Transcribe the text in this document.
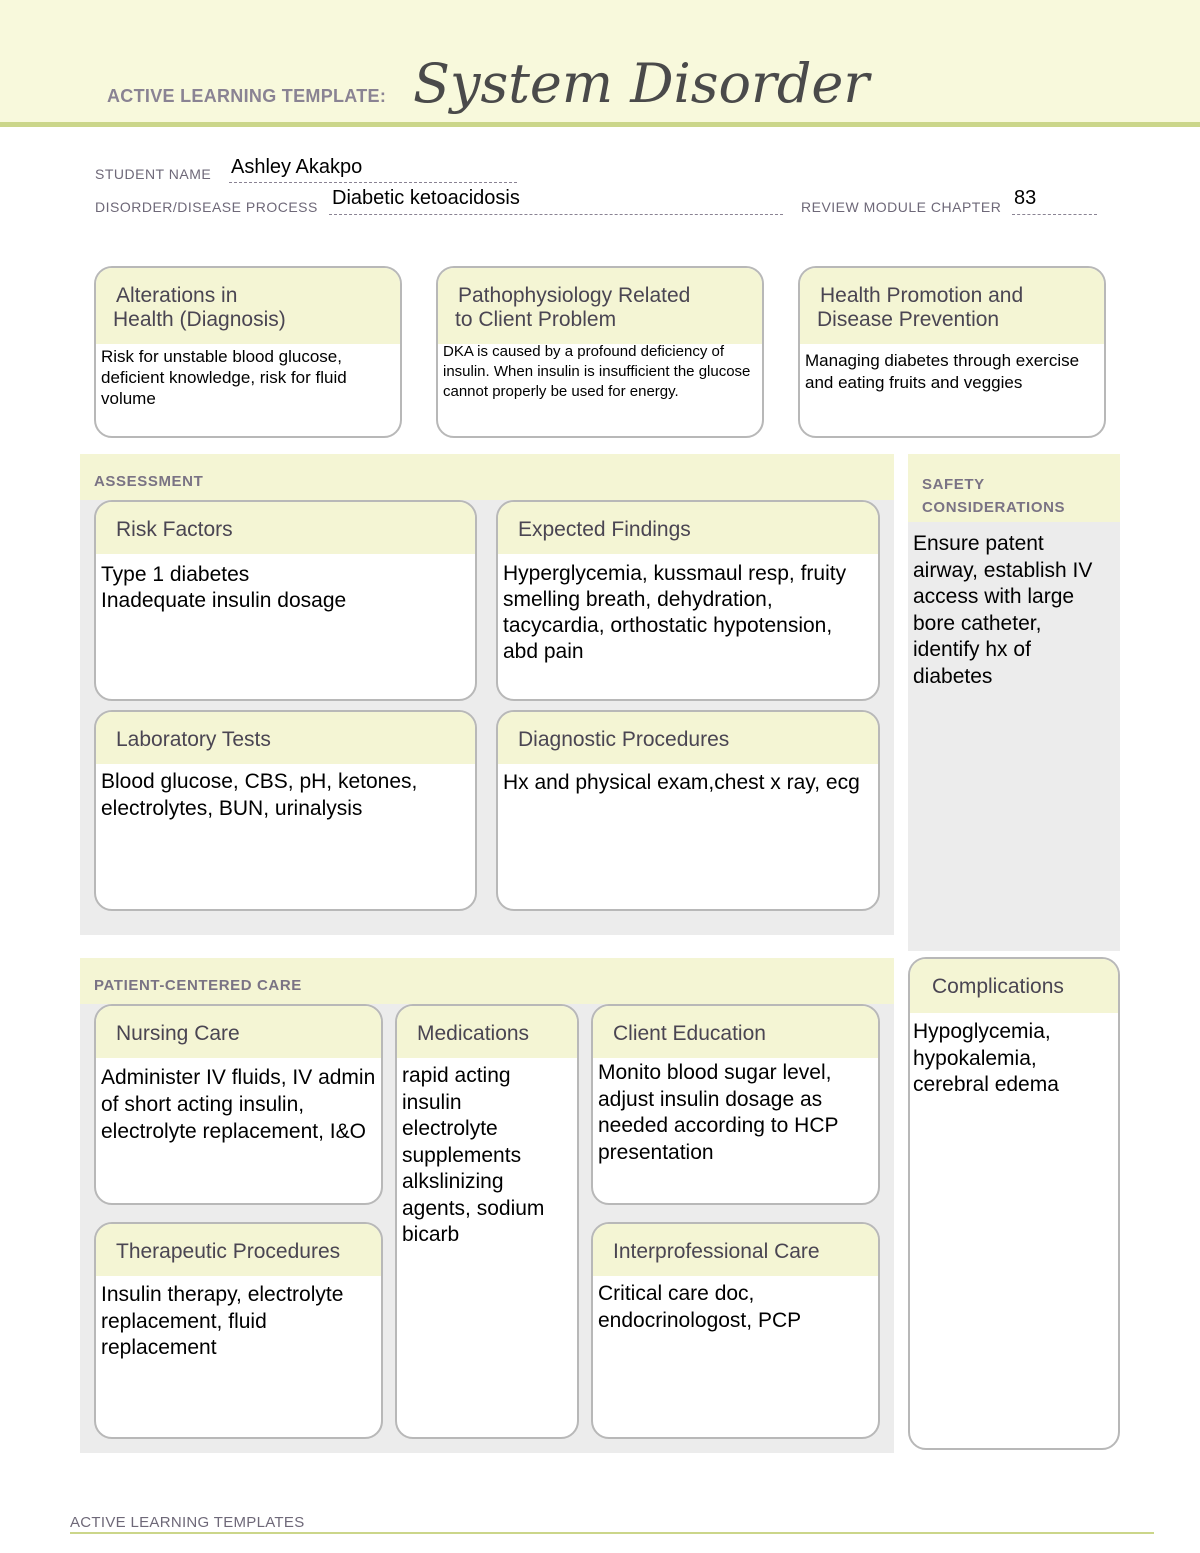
ACTIVE LEARNING TEMPLATE: System Disorder
STUDENT NAME Ashley Akakpo
DISORDER/DISEASE PROCESS Diabetic ketoacidosis	REVIEW MODULE CHAPTER 83
Alterations in
Health (Diagnosis)
Risk for unstable blood glucose, deficient knowledge, risk for fluid volume
Pathophysiology Related
to Client Problem
DKA is caused by a profound deficiency of insulin. When insulin is insufficient the glucose cannot properly be used for energy.
Health Promotion and
Disease Prevention
Managing diabetes through exercise and eating fruits and veggies
ASSESSMENT
Risk Factors
Type 1 diabetes
Inadequate insulin dosage
Expected Findings
Hyperglycemia, kussmaul resp, fruity smelling breath, dehydration, tacycardia, orthostatic hypotension, abd pain
Laboratory Tests
Blood glucose, CBS, pH, ketones, electrolytes, BUN, urinalysis
Diagnostic Procedures
Hx and physical exam,chest x ray, ecg
SAFETY
CONSIDERATIONS
Ensure patent airway, establish IV access with large bore catheter, identify hx of diabetes
PATIENT-CENTERED CARE
Nursing Care
Administer IV fluids, IV admin of short acting insulin, electrolyte replacement, I&O
Medications
rapid acting insulin
electrolyte supplements
alkslinizing agents, sodium bicarb
Client Education
Monito blood sugar level, adjust insulin dosage as needed according to HCP presentation
Therapeutic Procedures
Insulin therapy, electrolyte replacement, fluid replacement
Interprofessional Care
Critical care doc, endocrinologost, PCP
Complications
Hypoglycemia, hypokalemia, cerebral edema
ACTIVE LEARNING TEMPLATES
